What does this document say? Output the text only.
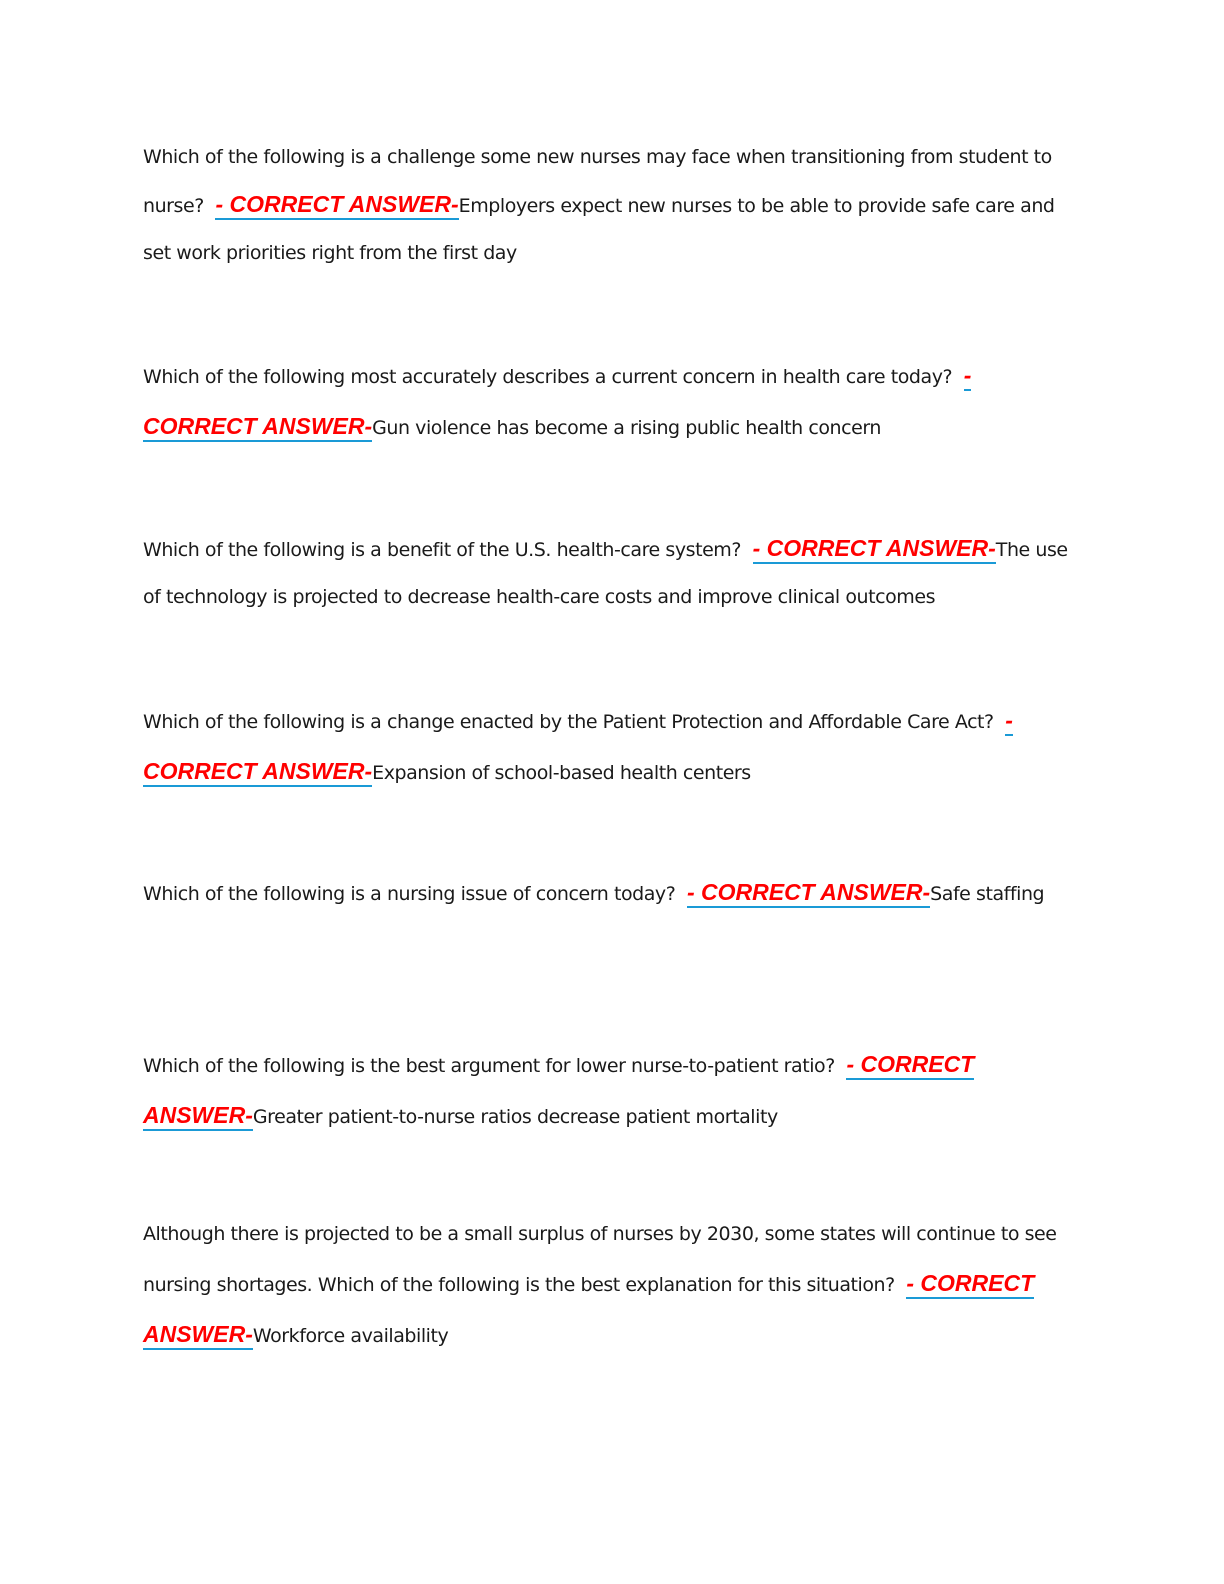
Which of the following is a challenge some new nurses may face when transitioning from student to nurse? - CORRECT ANSWER-Employers expect new nurses to be able to provide safe care and set work priorities right from the first day
Which of the following most accurately describes a current concern in health care today? - CORRECT ANSWER-Gun violence has become a rising public health concern
Which of the following is a benefit of the U.S. health-care system? - CORRECT ANSWER-The use of technology is projected to decrease health-care costs and improve clinical outcomes
Which of the following is a change enacted by the Patient Protection and Affordable Care Act? - CORRECT ANSWER-Expansion of school-based health centers
Which of the following is a nursing issue of concern today? - CORRECT ANSWER-Safe staffing
Which of the following is the best argument for lower nurse-to-patient ratio? - CORRECT ANSWER-Greater patient-to-nurse ratios decrease patient mortality
Although there is projected to be a small surplus of nurses by 2030, some states will continue to see nursing shortages. Which of the following is the best explanation for this situation? - CORRECT ANSWER-Workforce availability
